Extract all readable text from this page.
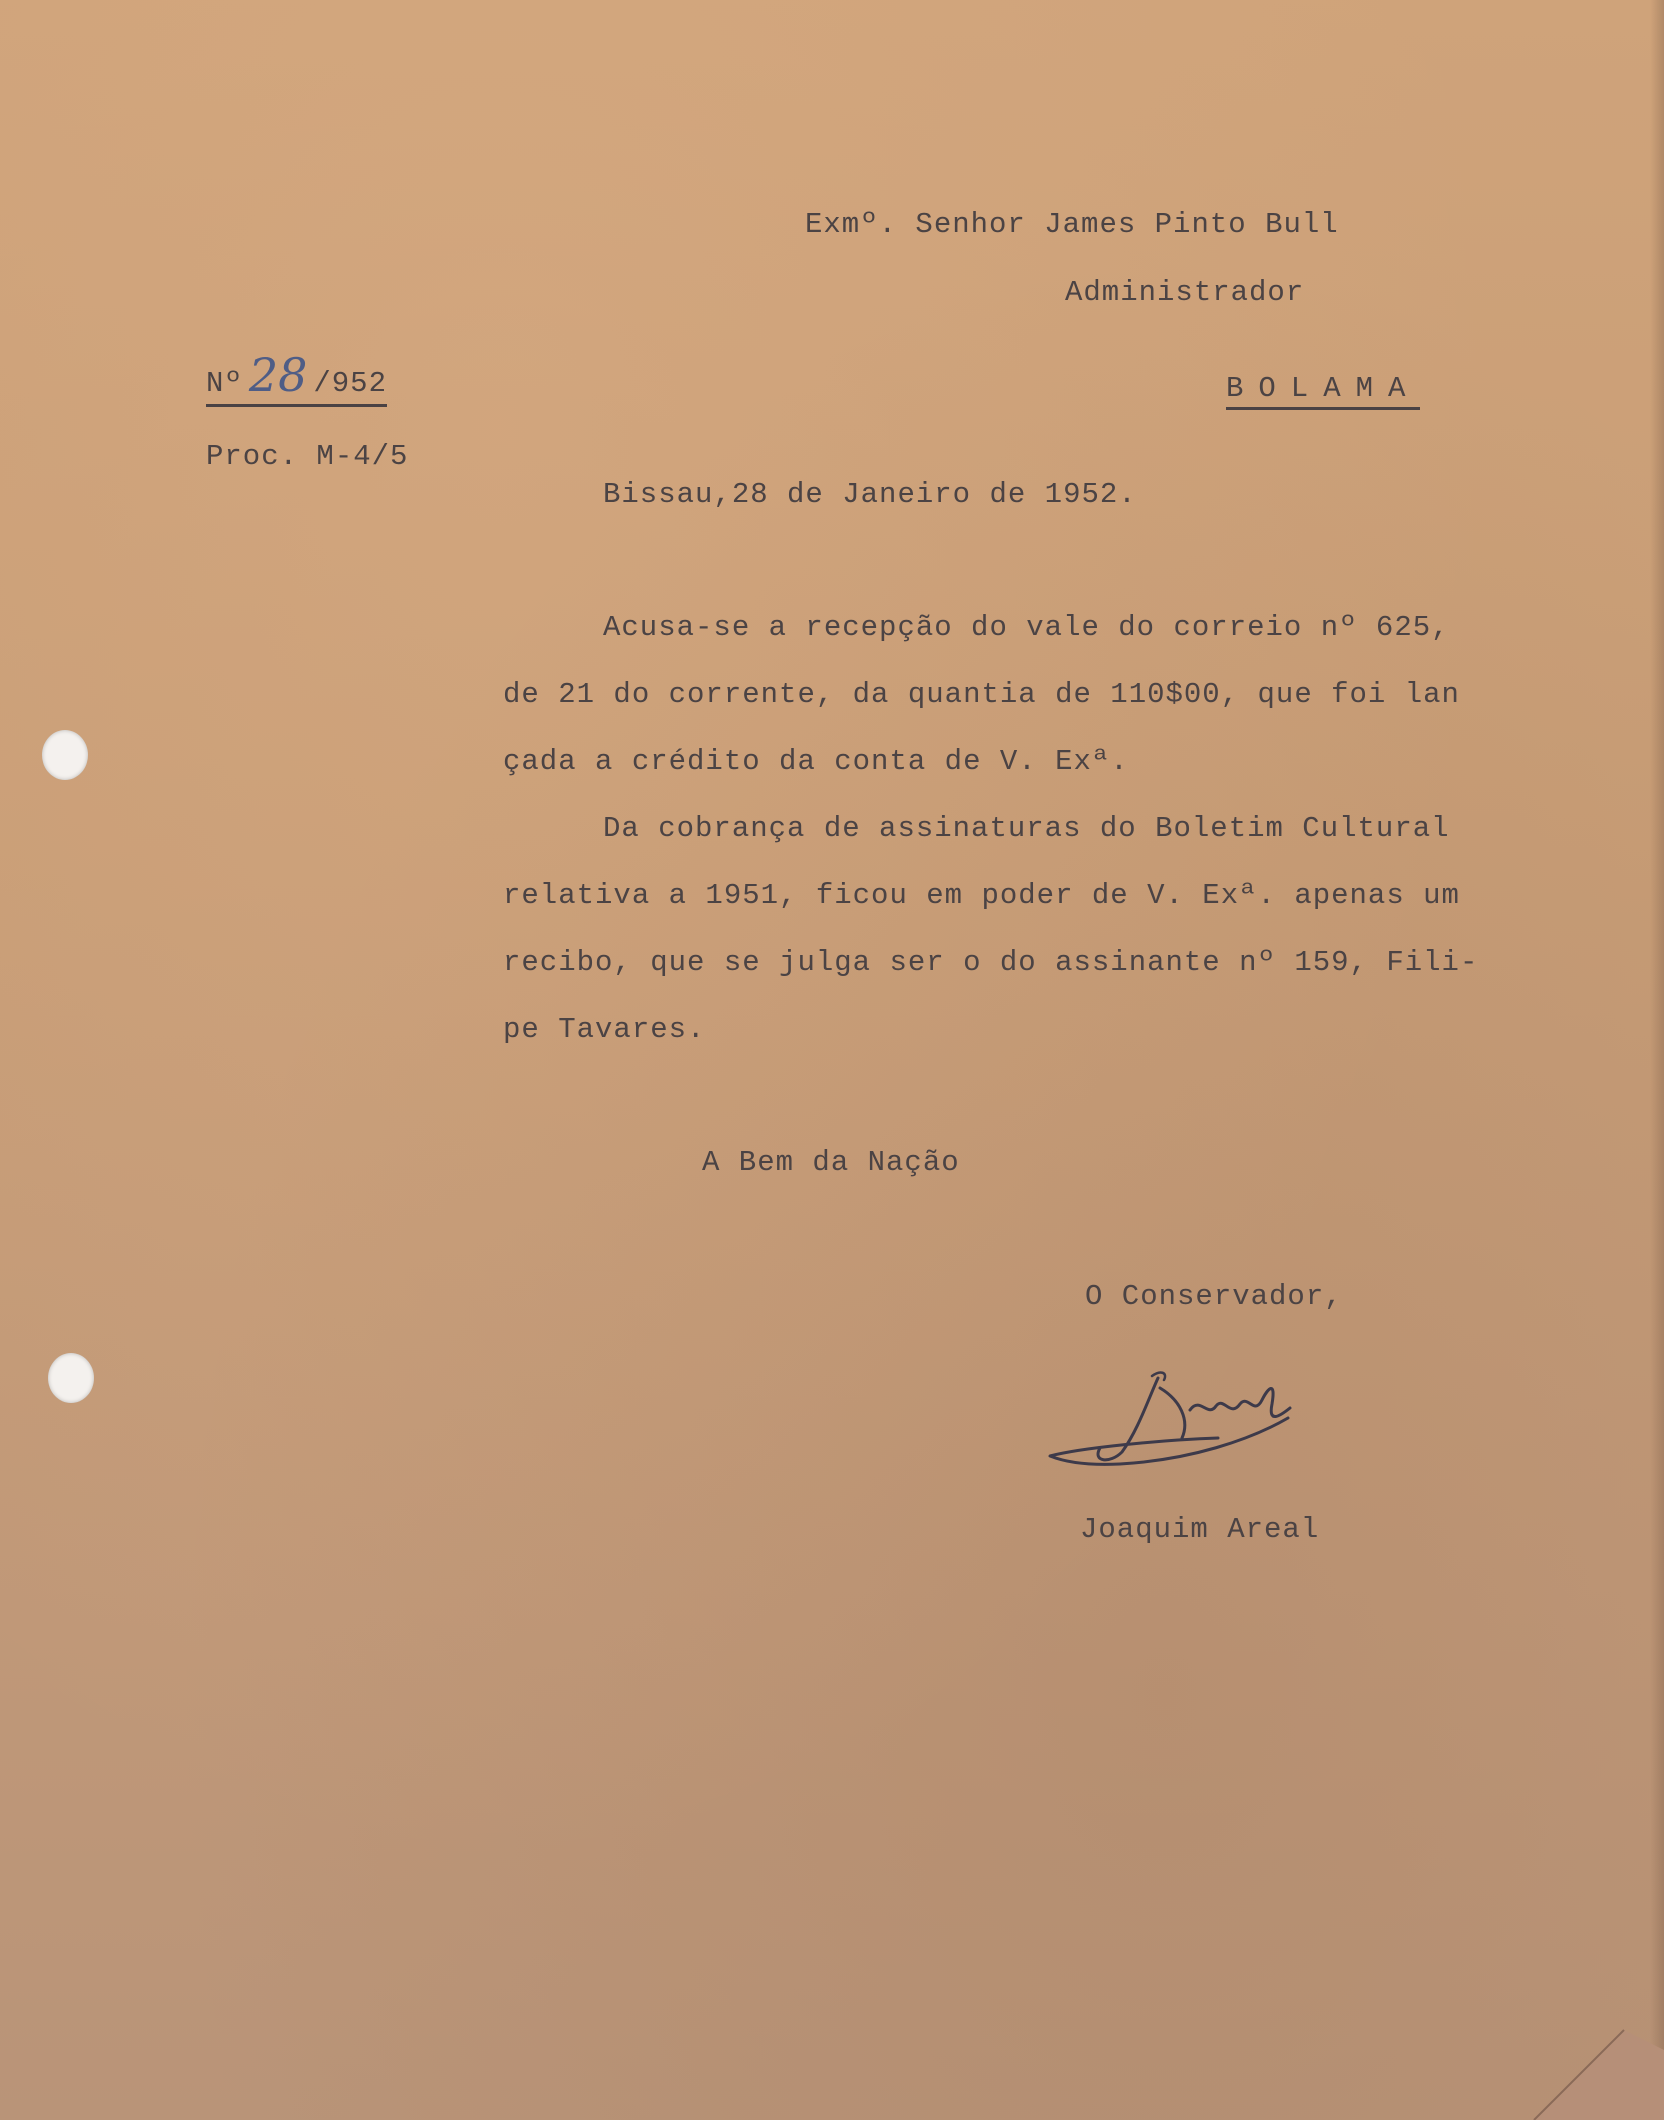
Exmº. Senhor James Pinto Bull

Administrador

BOLAMA

Nº 28 /952

Proc. M-4/5

Bissau,28 de Janeiro de 1952.

Acusa-se a recepção do vale do correio nº 625,

de 21 do corrente, da quantia de 110$00, que foi lan

çada a crédito da conta de V. Exª.

Da cobrança de assinaturas do Boletim Cultural

relativa a 1951, ficou em poder de V. Exª. apenas um

recibo, que se julga ser o do assinante nº 159, Fili-

pe Tavares.

A Bem da Nação

O Conservador,

Joaquim Areal
